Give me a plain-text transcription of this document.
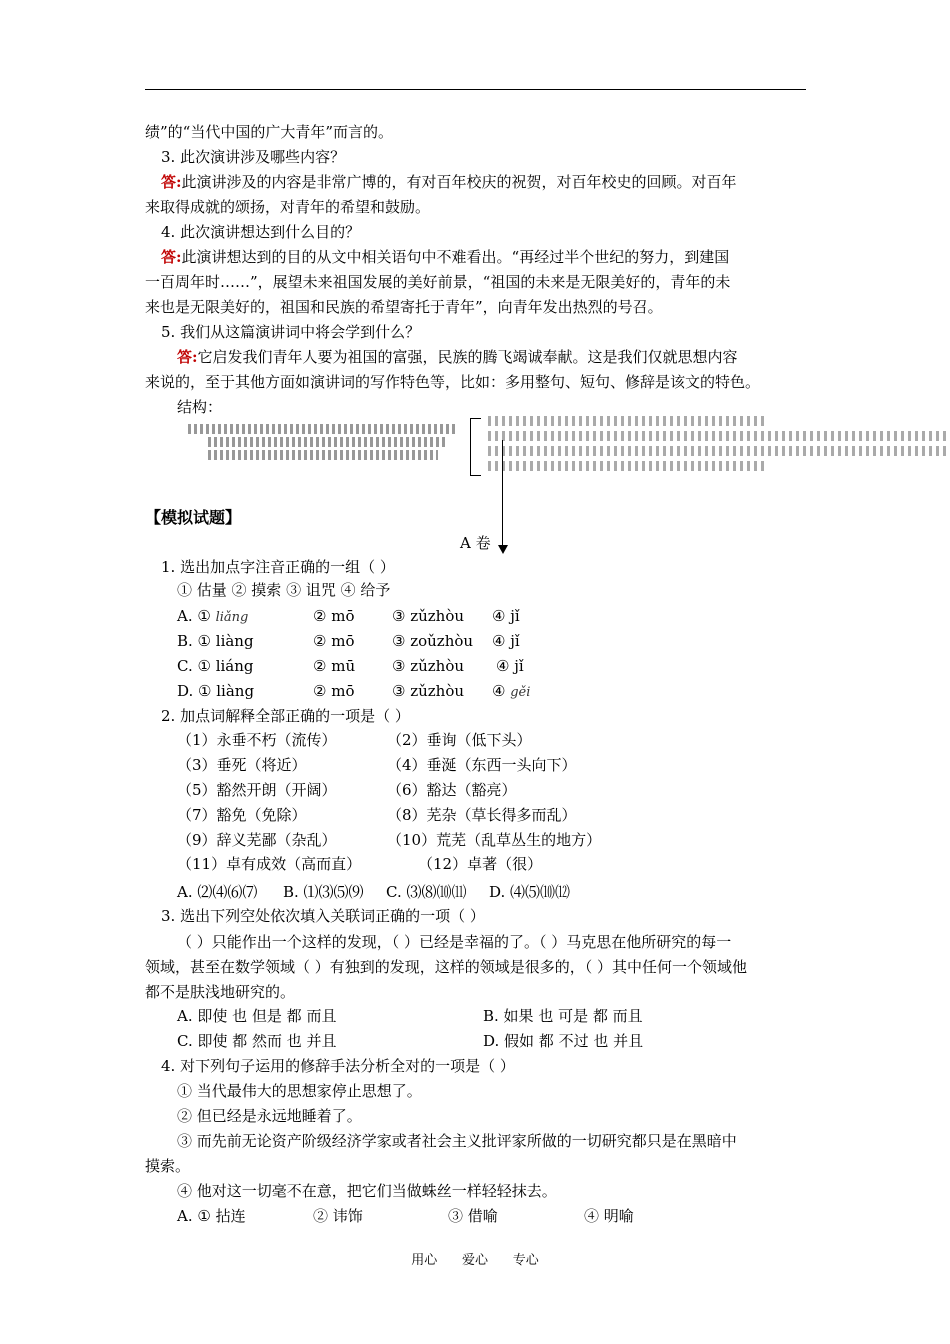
绩”的“当代中国的广大青年”而言的。
3. 此次演讲涉及哪些内容？
答:此演讲涉及的内容是非常广博的，有对百年校庆的祝贺，对百年校史的回顾。对百年
来取得成就的颂扬，对青年的希望和鼓励。
4. 此次演讲想达到什么目的？
答:此演讲想达到的目的从文中相关语句中不难看出。“再经过半个世纪的努力，到建国
一百周年时……”，展望未来祖国发展的美好前景，“祖国的未来是无限美好的，青年的未
来也是无限美好的，祖国和民族的希望寄托于青年”，向青年发出热烈的号召。
5. 我们从这篇演讲词中将会学到什么？
答:它启发我们青年人要为祖国的富强，民族的腾飞竭诚奉献。这是我们仅就思想内容
来说的，至于其他方面如演讲词的写作特色等，比如：多用整句、短句、修辞是该文的特色。
结构：
【模拟试题】
A 卷
1. 选出加点字注音正确的一组（ ）
① 估量 ② 摸索 ③ 诅咒 ④ 给予
A. ① liǎng	② mō	③ zǔzhòu ④ jǐ
B. ① liàng	② mō	③ zoǔzhòu ④ jǐ
C. ① liáng	② mū ③ zǔzhòu ④ jǐ
D. ① liàng	② mō	③ zǔzhòu ④ gěi
2. 加点词解释全部正确的一项是（ ）
（1）永垂不朽（流传）	（2）垂询（低下头）
（3）垂死（将近）	（4）垂涎（东西一头向下）
（5）豁然开朗（开阔）	（6）豁达（豁亮）
（7）豁免（免除）	（8）芜杂（草长得多而乱）
（9）辞义芜鄙（杂乱）	（10）荒芜（乱草丛生的地方）
（11）卓有成效（高而直）	（12）卓著（很）
A. ⑵⑷⑹⑺ B. ⑴⑶⑸⑼ C. ⑶⑻⑽⑾ D. ⑷⑸⑽⑿
3. 选出下列空处依次填入关联词正确的一项（ ）
（ ）只能作出一个这样的发现，（ ）已经是幸福的了。（ ）马克思在他所研究的每一
领域，甚至在数学领域（ ）有独到的发现，这样的领域是很多的，（ ）其中任何一个领域他
都不是肤浅地研究的。
A. 即使 也 但是 都 而且	B. 如果 也 可是 都 而且
C. 即使 都 然而 也 并且	D. 假如 都 不过 也 并且
4. 对下列句子运用的修辞手法分析全对的一项是（ ）
① 当代最伟大的思想家停止思想了。
② 但已经是永远地睡着了。
③ 而先前无论资产阶级经济学家或者社会主义批评家所做的一切研究都只是在黑暗中
摸索。
④ 他对这一切毫不在意，把它们当做蛛丝一样轻轻抹去。
A. ① 拈连	② 讳饰	③ 借喻	④ 明喻
用心      爱心      专心
